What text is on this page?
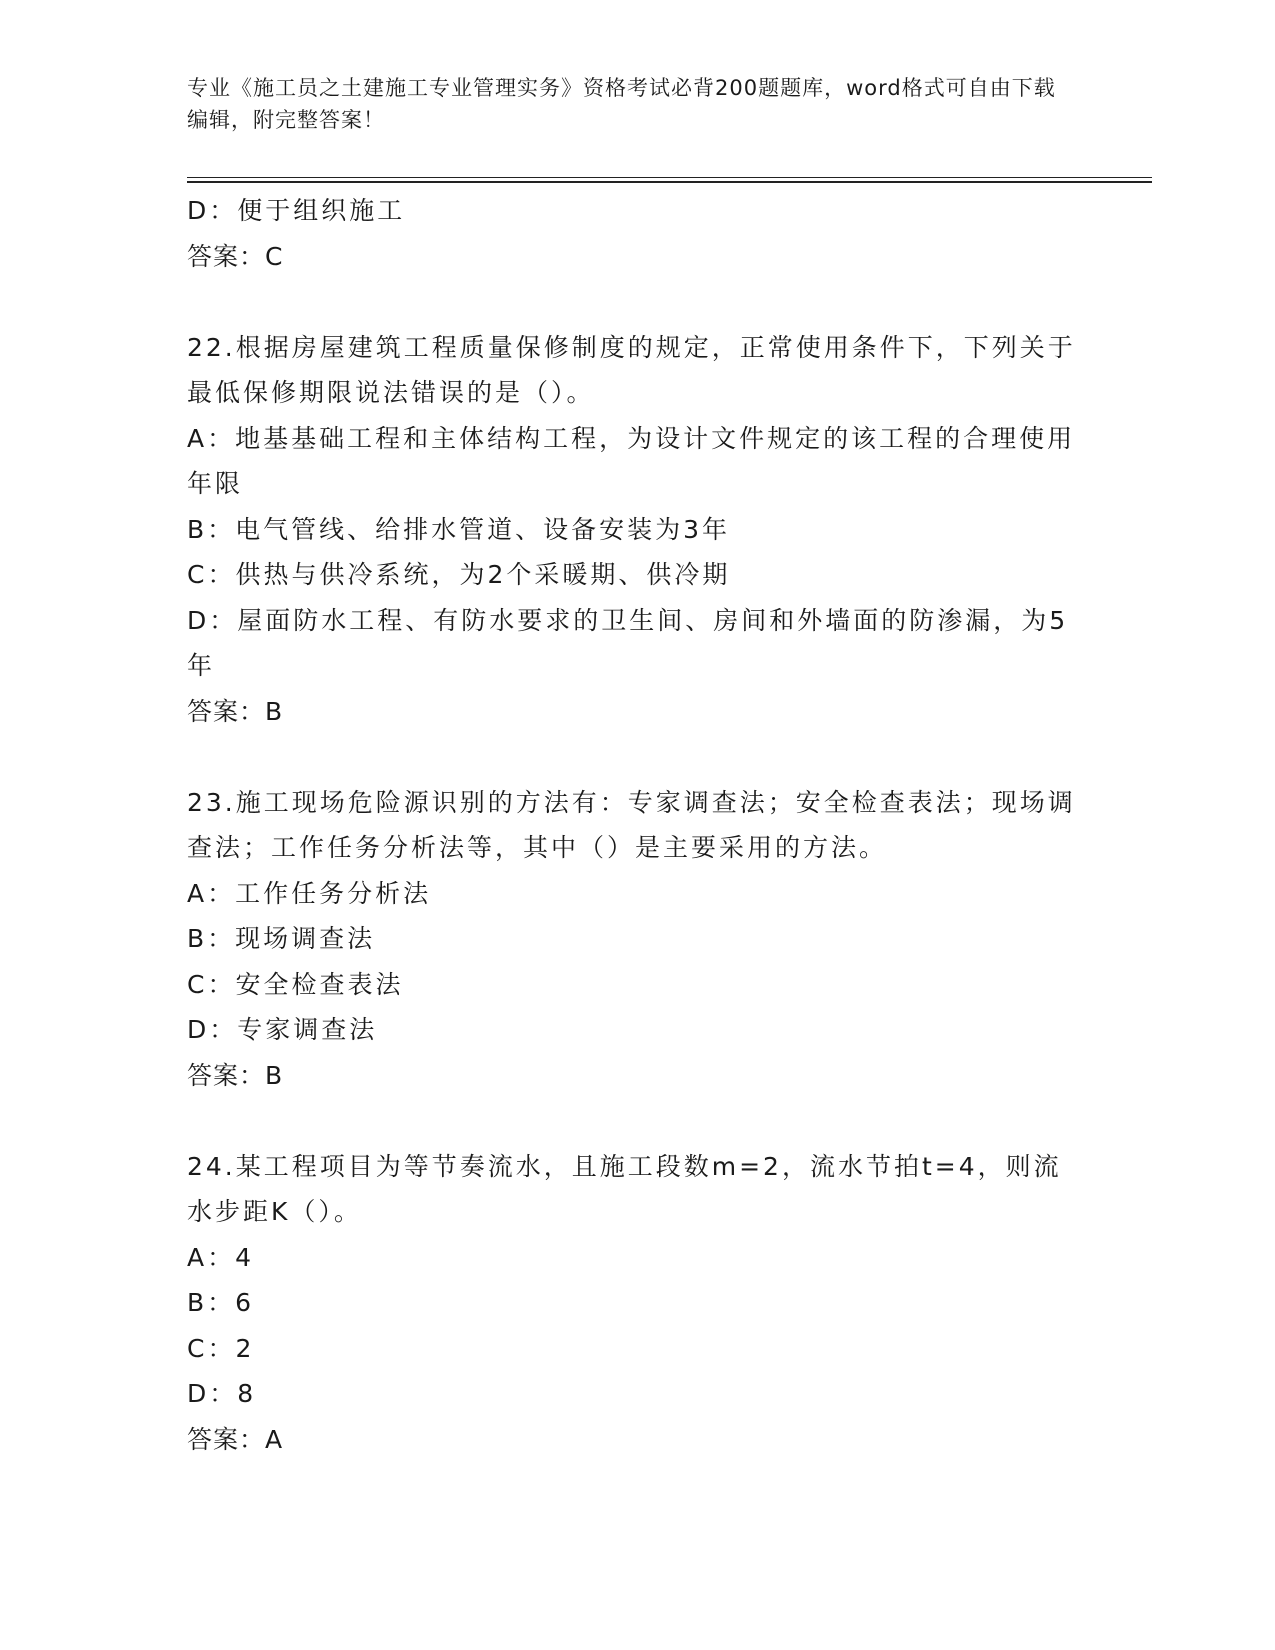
专业《施工员之土建施工专业管理实务》资格考试必背200题题库，word格式可自由下载编辑，附完整答案！
D：便于组织施工
答案：C
22.根据房屋建筑工程质量保修制度的规定，正常使用条件下，下列关于最低保修期限说法错误的是（）。
A：地基基础工程和主体结构工程，为设计文件规定的该工程的合理使用年限
B：电气管线、给排水管道、设备安装为3年
C：供热与供冷系统，为2个采暖期、供冷期
D：屋面防水工程、有防水要求的卫生间、房间和外墙面的防渗漏，为5年
答案：B
23.施工现场危险源识别的方法有：专家调查法；安全检查表法；现场调查法；工作任务分析法等，其中（）是主要采用的方法。
A：工作任务分析法
B：现场调查法
C：安全检查表法
D：专家调查法
答案：B
24.某工程项目为等节奏流水，且施工段数m=2，流水节拍t=4，则流水步距K（）。
A：4
B：6
C：2
D：8
答案：A
